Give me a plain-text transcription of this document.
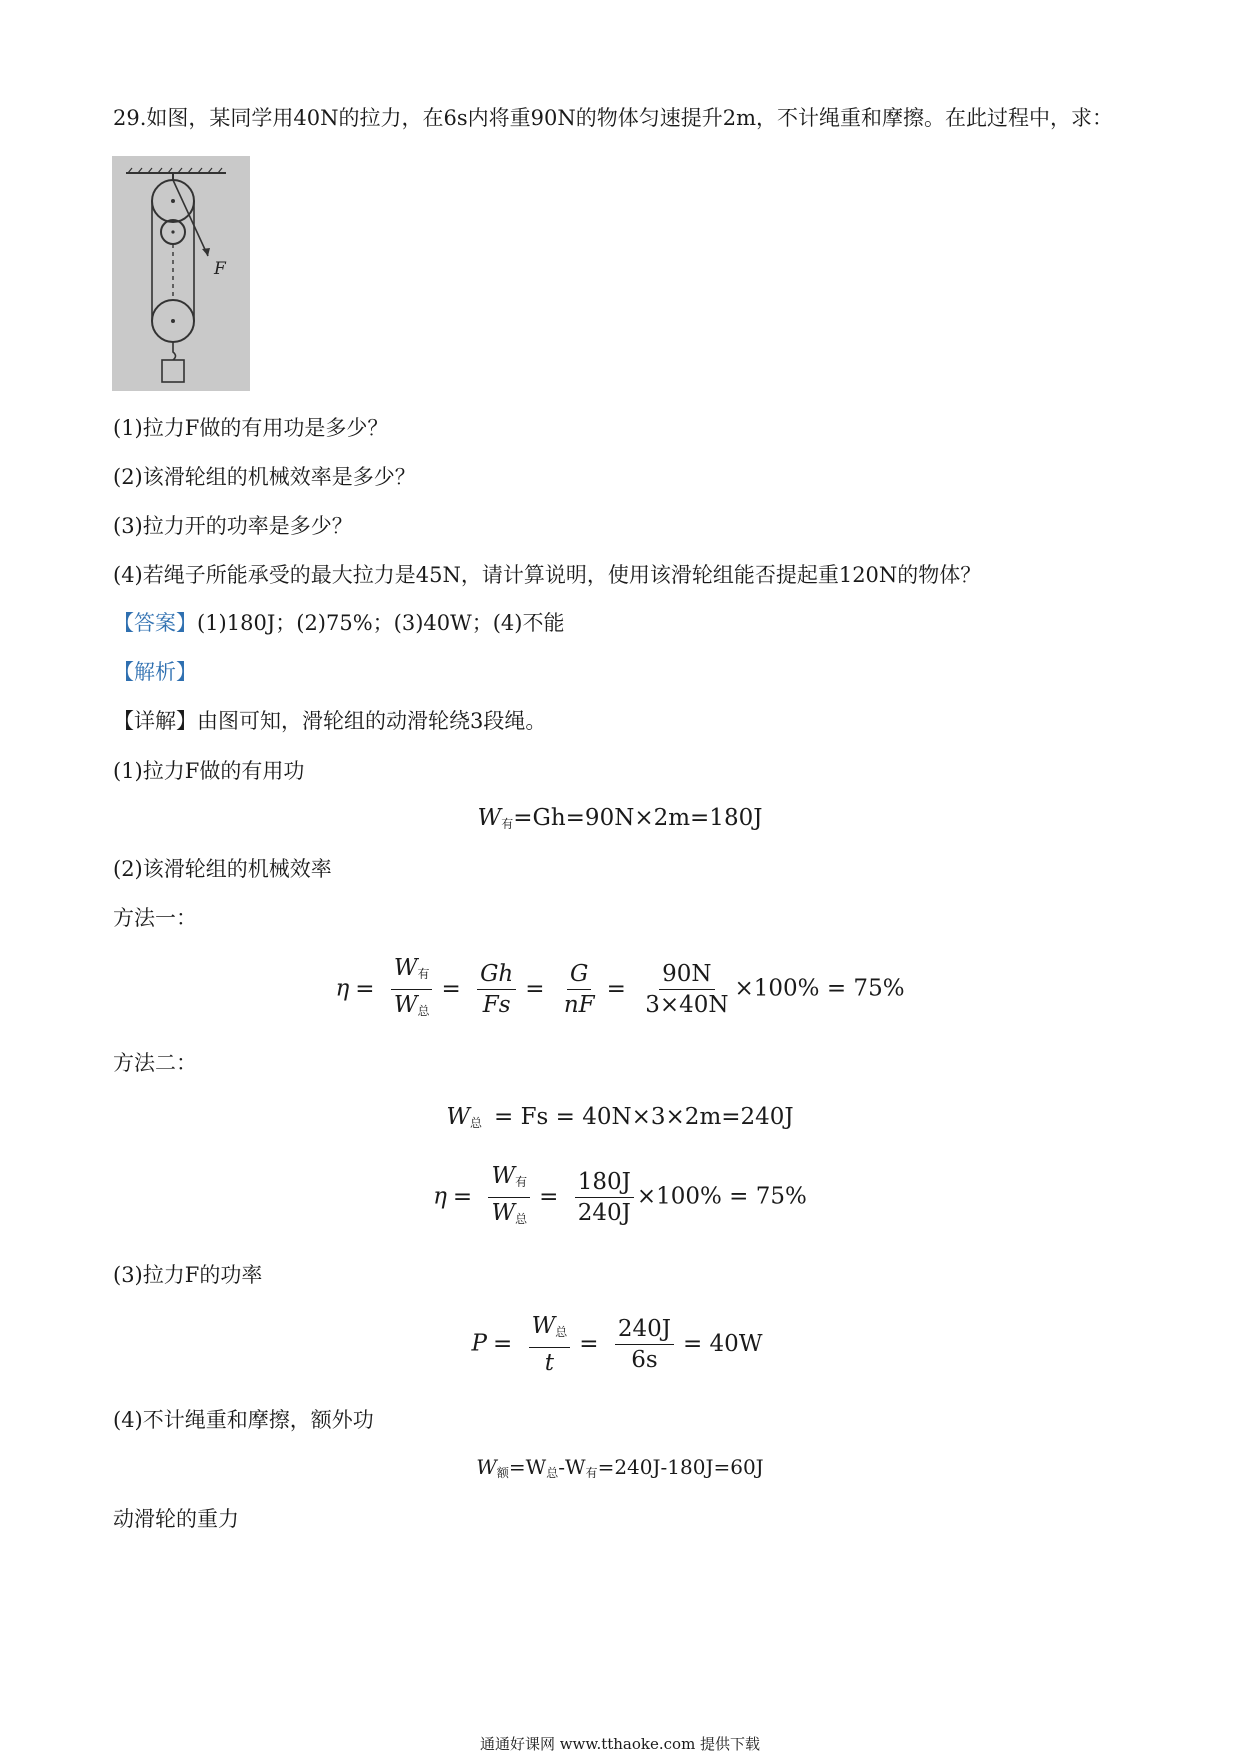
29.如图，某同学用40N的拉力，在6s内将重90N的物体匀速提升2m，不计绳重和摩擦。在此过程中，求：
F
(1)拉力F做的有用功是多少？
(2)该滑轮组的机械效率是多少？
(3)拉力开的功率是多少？
(4)若绳子所能承受的最大拉力是45N，请计算说明，使用该滑轮组能否提起重120N的物体？
【答案】(1)180J；(2)75%；(3)40W；(4)不能
【解析】
【详解】由图可知，滑轮组的动滑轮绕3段绳。
(1)拉力F做的有用功
$W_有=Gh=90N\times 2m=180J$
(2)该滑轮组的机械效率
方法一：
$\eta = \frac{W_有}{W_总} = \frac{Gh}{Fs} = \frac{G}{nF} = \frac{90N}{3\times 40N} \times 100\% = 75\%$
方法二：
$W_总 = Fs = 40N\times 3\times 2m=240J$
$\eta = \frac{W_有}{W_总} = \frac{180J}{240J} \times 100\% = 75\%$
(3)拉力F的功率
$P = \frac{W_总}{t} = \frac{240J}{6s} = 40W$
(4)不计绳重和摩擦，额外功
$W_额=W_总-W_有=240J-180J=60J$
动滑轮的重力
通通好课网 www.tthaoke.com 提供下载
